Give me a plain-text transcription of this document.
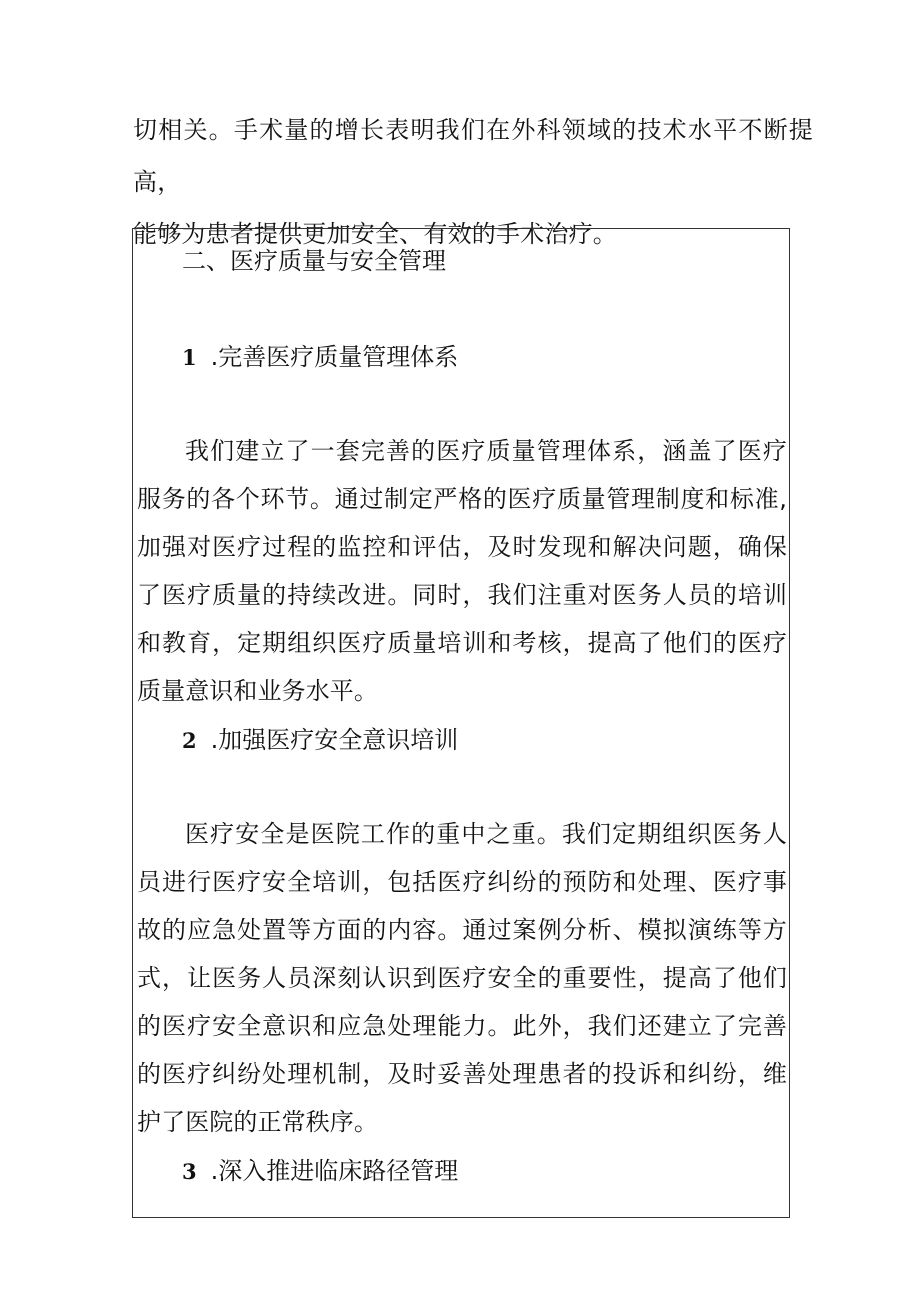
切相关。手术量的增长表明我们在外科领域的技术水平不断提高，

能够为患者提供更加安全、有效的手术治疗。

二、医疗质量与安全管理
1 .完善医疗质量管理体系

我们建立了一套完善的医疗质量管理体系，涵盖了医疗服务的各个环节。通过制定严格的医疗质量管理制度和标准,加强对医疗过程的监控和评估，及时发现和解决问题，确保了医疗质量的持续改进。同时，我们注重对医务人员的培训和教育，定期组织医疗质量培训和考核，提高了他们的医疗质量意识和业务水平。

2 .加强医疗安全意识培训

医疗安全是医院工作的重中之重。我们定期组织医务人员进行医疗安全培训，包括医疗纠纷的预防和处理、医疗事故的应急处置等方面的内容。通过案例分析、模拟演练等方式，让医务人员深刻认识到医疗安全的重要性，提高了他们的医疗安全意识和应急处理能力。此外，我们还建立了完善的医疗纠纷处理机制，及时妥善处理患者的投诉和纠纷，维护了医院的正常秩序。

3 .深入推进临床路径管理
